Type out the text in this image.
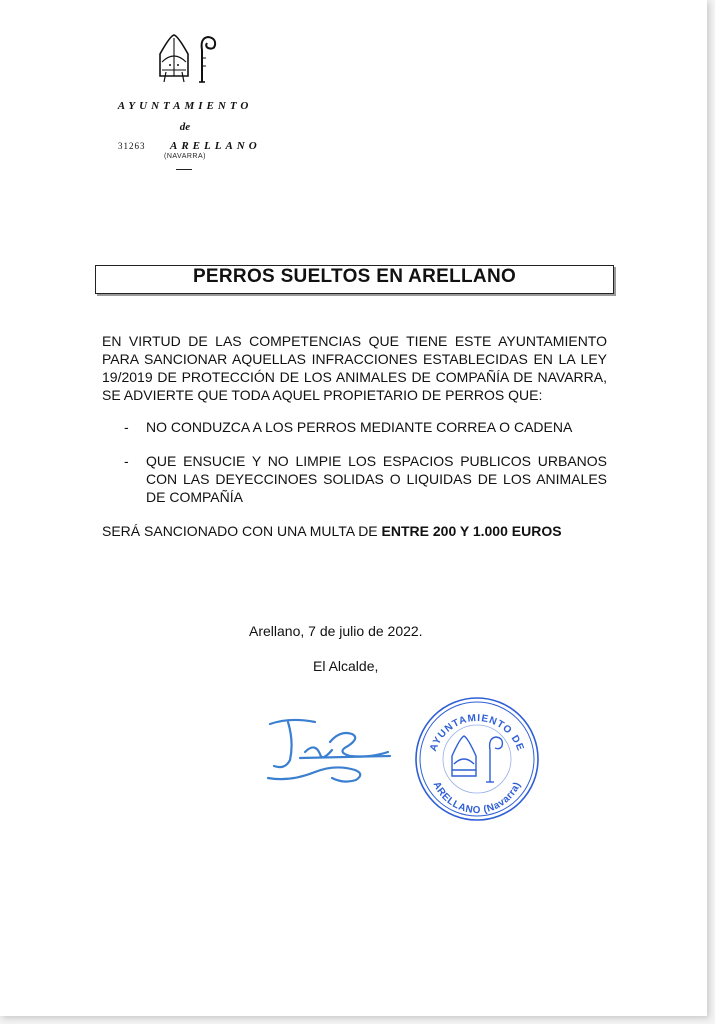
AYUNTAMIENTO
de
31263 ARELLANO
(NAVARRA)
PERROS SUELTOS EN ARELLANO
EN VIRTUD DE LAS COMPETENCIAS QUE TIENE ESTE AYUNTAMIENTO PARA SANCIONAR AQUELLAS INFRACCIONES ESTABLECIDAS EN LA LEY 19/2019 DE PROTECCIÓN DE LOS ANIMALES DE COMPAÑÍA DE NAVARRA, SE ADVIERTE QUE TODA AQUEL PROPIETARIO DE PERROS QUE:
-	NO CONDUZCA A LOS PERROS MEDIANTE CORREA O CADENA
-	QUE ENSUCIE Y NO LIMPIE LOS ESPACIOS PUBLICOS URBANOS CON LAS DEYECCINOES SOLIDAS O LIQUIDAS DE LOS ANIMALES DE COMPAÑÍA
SERÁ SANCIONADO CON UNA MULTA DE ENTRE 200 Y 1.000 EUROS
Arellano, 7 de julio de 2022.
El Alcalde,
AYUNTAMIENTO DE
ARELLANO (Navarra)
